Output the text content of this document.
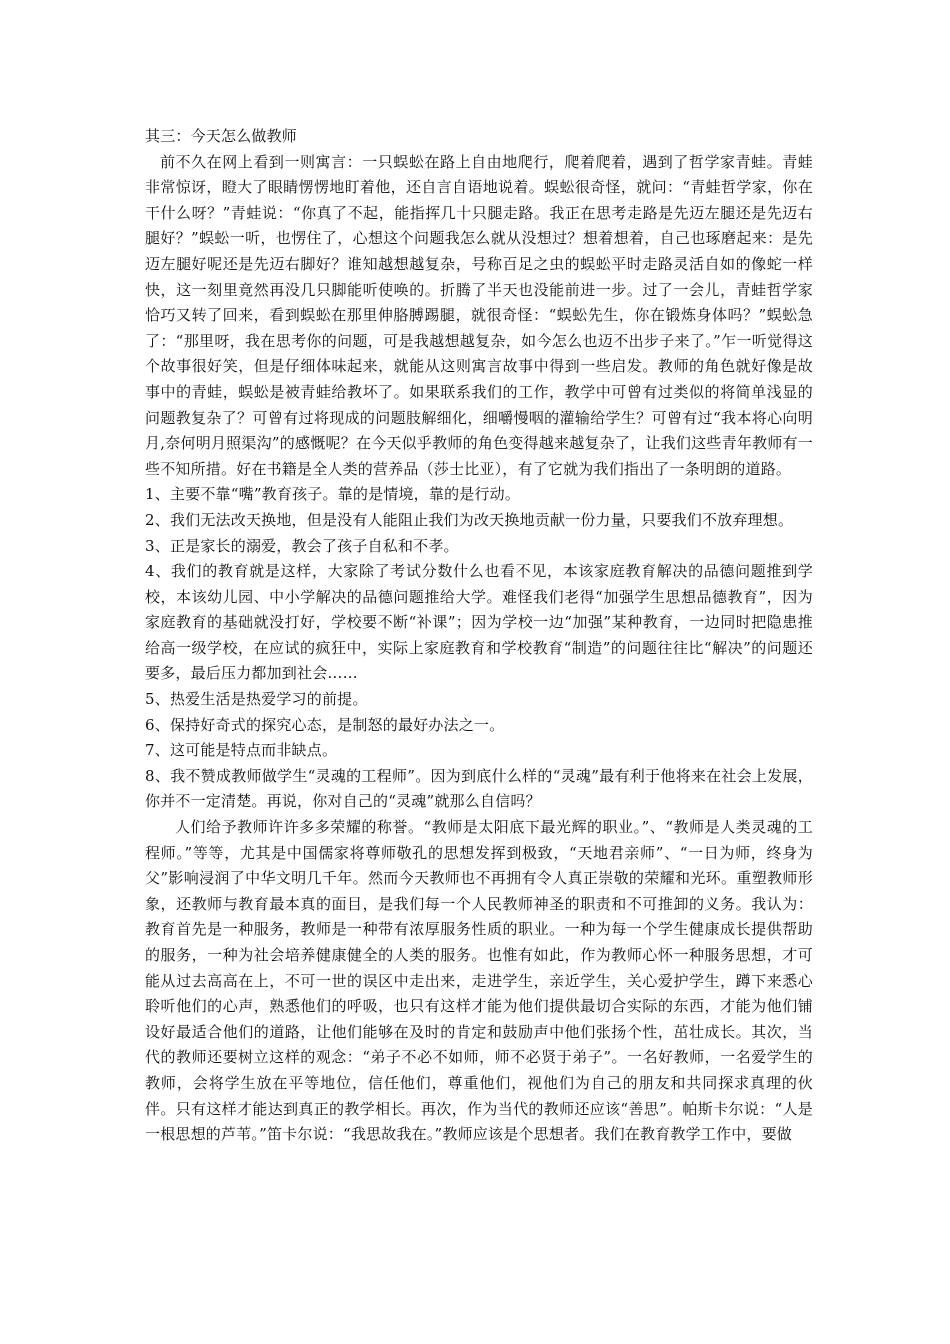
其三：今天怎么做教师

前不久在网上看到一则寓言：一只蜈蚣在路上自由地爬行，爬着爬着，遇到了哲学家青蛙。青蛙非常惊讶，瞪大了眼睛愣愣地盯着他，还自言自语地说着。蜈蚣很奇怪，就问：“青蛙哲学家，你在干什么呀？”青蛙说：“你真了不起，能指挥几十只腿走路。我正在思考走路是先迈左腿还是先迈右腿好？”蜈蚣一听，也愣住了，心想这个问题我怎么就从没想过？想着想着，自己也琢磨起来：是先迈左腿好呢还是先迈右脚好？谁知越想越复杂，号称百足之虫的蜈蚣平时走路灵活自如的像蛇一样快，这一刻里竟然再没几只脚能听使唤的。折腾了半天也没能前进一步。过了一会儿，青蛙哲学家恰巧又转了回来，看到蜈蚣在那里伸胳膊踢腿，就很奇怪：“蜈蚣先生，你在锻炼身体吗？”蜈蚣急了：“那里呀，我在思考你的问题，可是我越想越复杂，如今怎么也迈不出步子来了。”乍一听觉得这个故事很好笑，但是仔细体味起来，就能从这则寓言故事中得到一些启发。教师的角色就好像是故事中的青蛙，蜈蚣是被青蛙给教坏了。如果联系我们的工作，教学中可曾有过类似的将简单浅显的问题教复杂了？可曾有过将现成的问题肢解细化，细嚼慢咽的灌输给学生？可曾有过“我本将心向明月,奈何明月照渠沟”的感慨呢？在今天似乎教师的角色变得越来越复杂了，让我们这些青年教师有一些不知所措。好在书籍是全人类的营养品（莎士比亚），有了它就为我们指出了一条明朗的道路。

1、主要不靠“嘴”教育孩子。靠的是情境，靠的是行动。

2、我们无法改天换地，但是没有人能阻止我们为改天换地贡献一份力量，只要我们不放弃理想。

3、正是家长的溺爱，教会了孩子自私和不孝。

4、我们的教育就是这样，大家除了考试分数什么也看不见，本该家庭教育解决的品德问题推到学校，本该幼儿园、中小学解决的品德问题推给大学。难怪我们老得“加强学生思想品德教育”，因为家庭教育的基础就没打好，学校要不断“补课”；因为学校一边“加强”某种教育，一边同时把隐患推给高一级学校，在应试的疯狂中，实际上家庭教育和学校教育“制造”的问题往往比“解决”的问题还要多，最后压力都加到社会……

5、热爱生活是热爱学习的前提。

6、保持好奇式的探究心态，是制怒的最好办法之一。

7、这可能是特点而非缺点。

8、我不赞成教师做学生“灵魂的工程师”。因为到底什么样的“灵魂”最有利于他将来在社会上发展，你并不一定清楚。再说，你对自己的“灵魂”就那么自信吗？

人们给予教师许许多多荣耀的称誉。“教师是太阳底下最光辉的职业。”、“教师是人类灵魂的工程师。”等等，尤其是中国儒家将尊师敬孔的思想发挥到极致，“天地君亲师”、“一日为师，终身为父”影响浸润了中华文明几千年。然而今天教师也不再拥有令人真正崇敬的荣耀和光环。重塑教师形象，还教师与教育最本真的面目，是我们每一个人民教师神圣的职责和不可推卸的义务。我认为：教育首先是一种服务，教师是一种带有浓厚服务性质的职业。一种为每一个学生健康成长提供帮助的服务，一种为社会培养健康健全的人类的服务。也惟有如此，作为教师心怀一种服务思想，才可能从过去高高在上，不可一世的误区中走出来，走进学生，亲近学生，关心爱护学生，蹲下来悉心聆听他们的心声，熟悉他们的呼吸，也只有这样才能为他们提供最切合实际的东西，才能为他们铺设好最适合他们的道路，让他们能够在及时的肯定和鼓励声中他们张扬个性，茁壮成长。其次，当代的教师还要树立这样的观念：“弟子不必不如师，师不必贤于弟子”。一名好教师，一名爱学生的教师，会将学生放在平等地位，信任他们，尊重他们，视他们为自己的朋友和共同探求真理的伙伴。只有这样才能达到真正的教学相长。再次，作为当代的教师还应该“善思”。帕斯卡尔说：“人是一根思想的芦苇。”笛卡尔说：“我思故我在。”教师应该是个思想者。我们在教育教学工作中，要做
